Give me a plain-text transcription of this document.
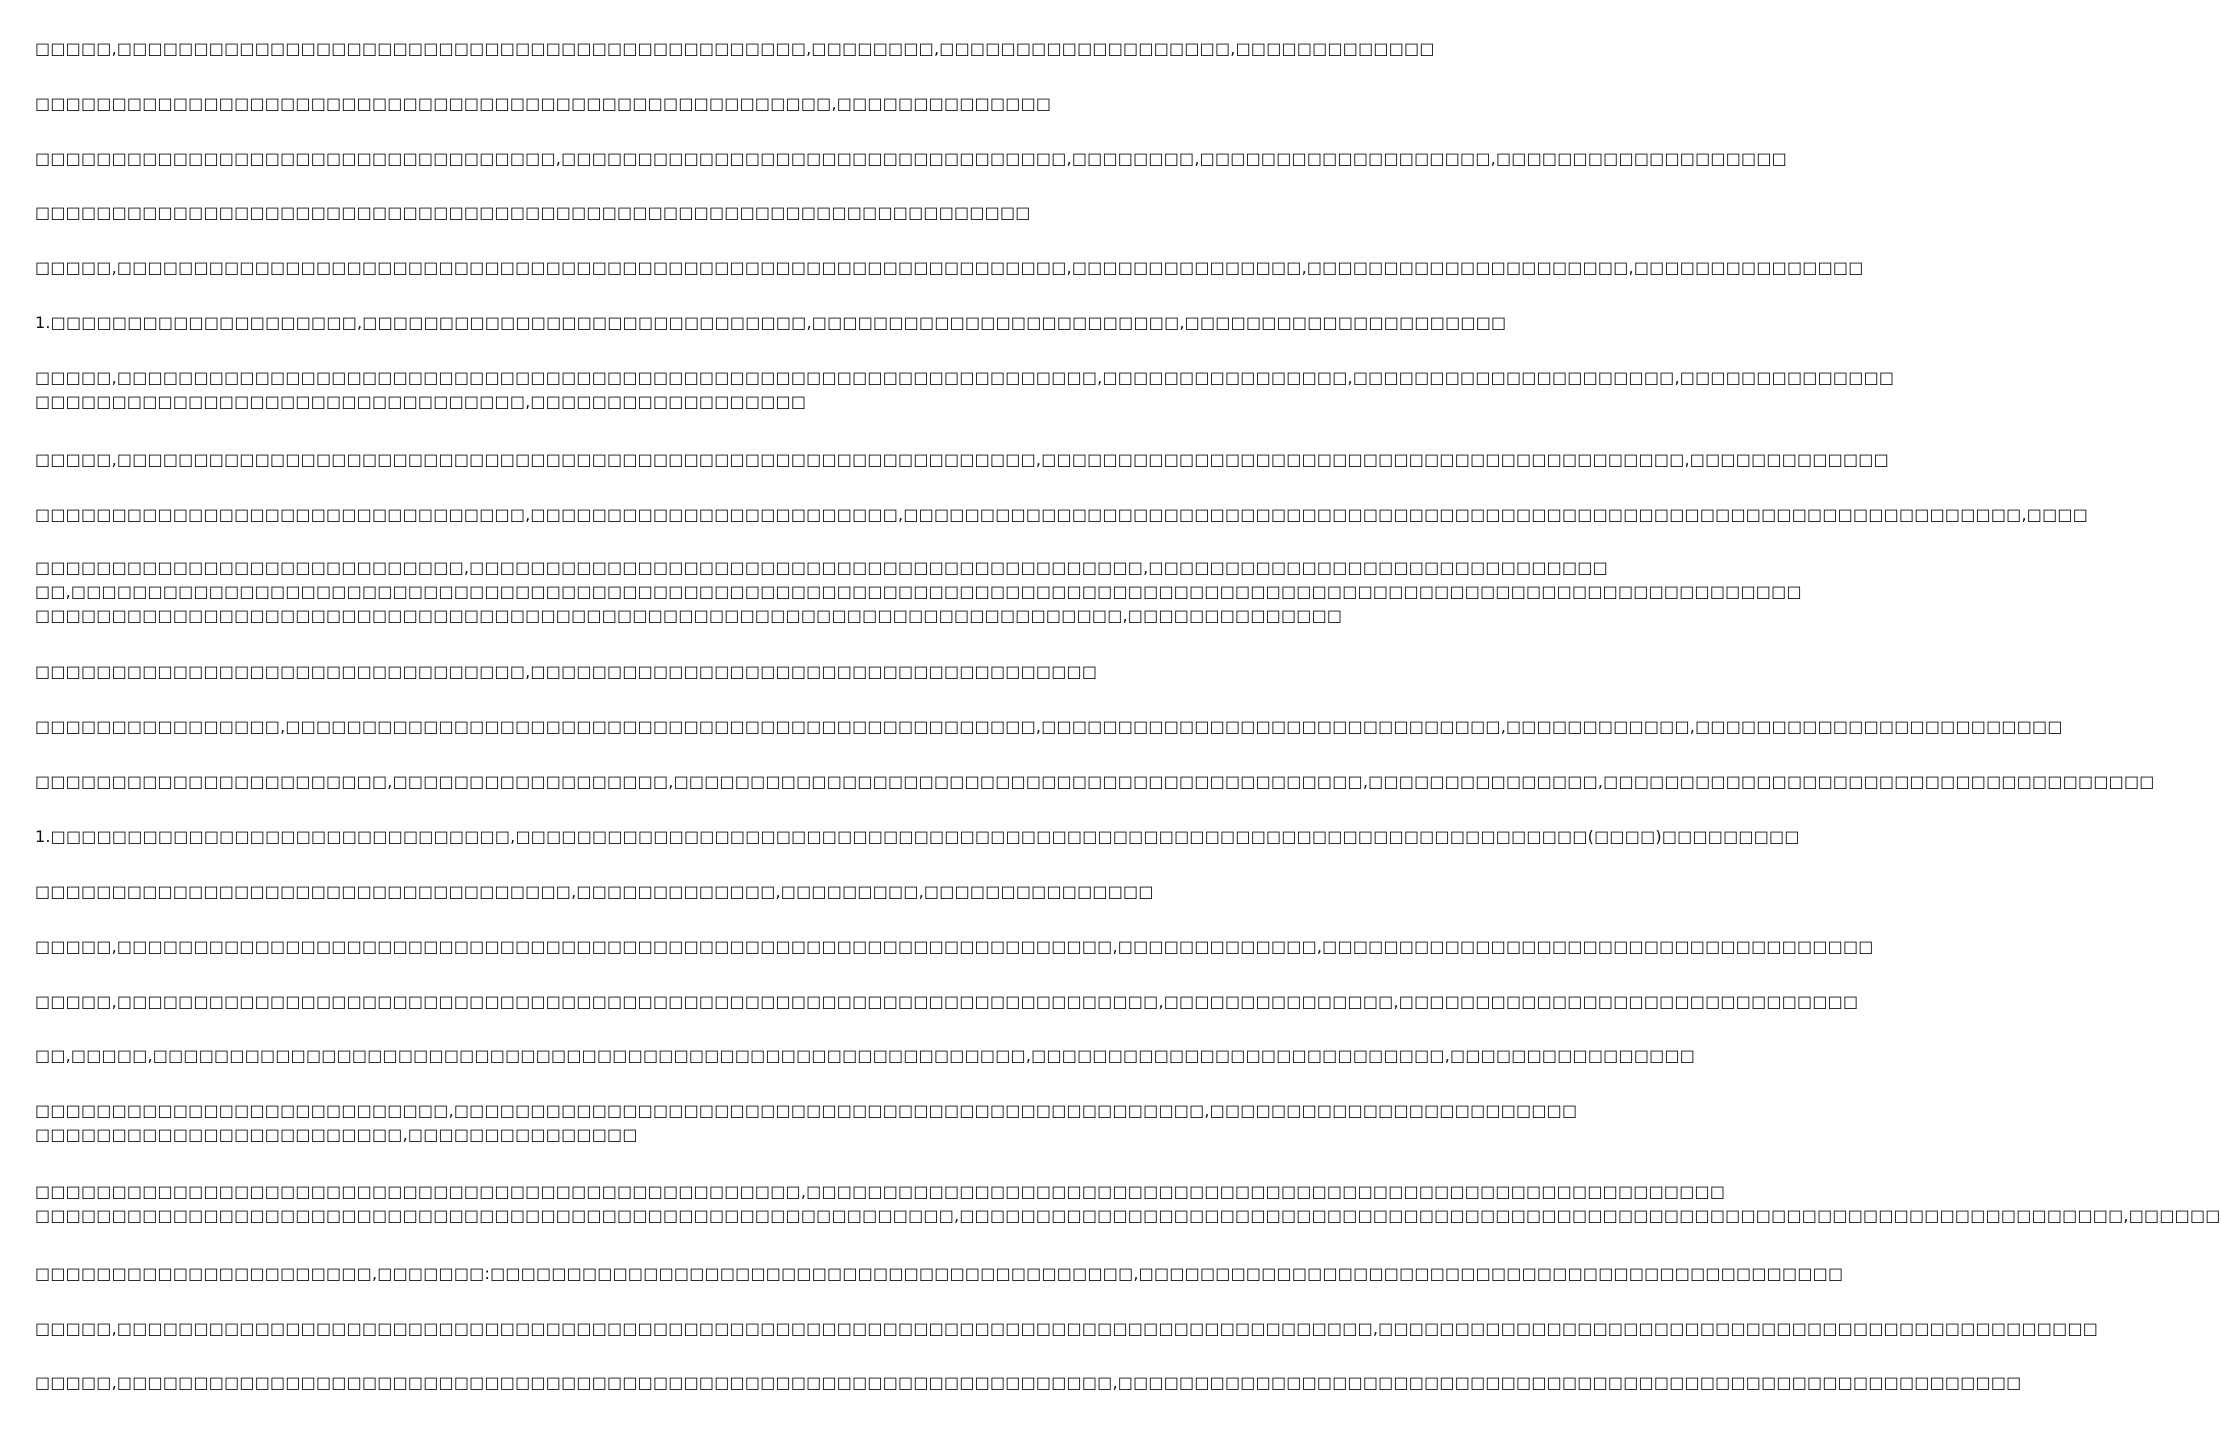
□□□□□,□□□□□□□□□□□□□□□□□□□□□□□□□□□□□□□□□□□□□□□□□□□□□,□□□□□□□□,□□□□□□□□□□□□□□□□□□□,□□□□□□□□□□□□□
□□□□□□□□□□□□□□□□□□□□□□□□□□□□□□□□□□□□□□□□□□□□□□□□□□□□,□□□□□□□□□□□□□□
□□□□□□□□□□□□□□□□□□□□□□□□□□□□□□□□□□,□□□□□□□□□□□□□□□□□□□□□□□□□□□□□□□□□,□□□□□□□□,□□□□□□□□□□□□□□□□□□□,□□□□□□□□□□□□□□□□□□□
□□□□□□□□□□□□□□□□□□□□□□□□□□□□□□□□□□□□□□□□□□□□□□□□□□□□□□□□□□□□□□□□□
□□□□□,□□□□□□□□□□□□□□□□□□□□□□□□□□□□□□□□□□□□□□□□□□□□□□□□□□□□□□□□□□□□□□,□□□□□□□□□□□□□□□,□□□□□□□□□□□□□□□□□□□□□,□□□□□□□□□□□□□□□
1.□□□□□□□□□□□□□□□□□□□□,□□□□□□□□□□□□□□□□□□□□□□□□□□□□□,□□□□□□□□□□□□□□□□□□□□□□□□,□□□□□□□□□□□□□□□□□□□□□
□□□□□,□□□□□□□□□□□□□□□□□□□□□□□□□□□□□□□□□□□□□□□□□□□□□□□□□□□□□□□□□□□□□□□□,□□□□□□□□□□□□□□□□,□□□□□□□□□□□□□□□□□□□□□,□□□□□□□□□□□□□□
□□□□□□□□□□□□□□□□□□□□□□□□□□□□□□□□,□□□□□□□□□□□□□□□□□□
□□□□□,□□□□□□□□□□□□□□□□□□□□□□□□□□□□□□□□□□□□□□□□□□□□□□□□□□□□□□□□□□□□,□□□□□□□□□□□□□□□□□□□□□□□□□□□□□□□□□□□□□□□□□□,□□□□□□□□□□□□□
□□□□□□□□□□□□□□□□□□□□□□□□□□□□□□□□,□□□□□□□□□□□□□□□□□□□□□□□□,□□□□□□□□□□□□□□□□□□□□□□□□□□□□□□□□□□□□□□□□□□□□□□□□□□□□□□□□□□□□□□□□□□□□□□□□□,□□□□
□□□□□□□□□□□□□□□□□□□□□□□□□□□□,□□□□□□□□□□□□□□□□□□□□□□□□□□□□□□□□□□□□□□□□□□□□,□□□□□□□□□□□□□□□□□□□□□□□□□□□□□□
□□,□□□□□□□□□□□□□□□□□□□□□□□□□□□□□□□□□□□□□□□□□□□□□□□□□□□□□□□□□□□□□□□□□□□□□□□□□□□□□□□□□□□□□□□□□□□□□□□□□□□□□□□□□□□□□□□□□
□□□□□□□□□□□□□□□□□□□□□□□□□□□□□□□□□□□□□□□□□□□□□□□□□□□□□□□□□□□□□□□□□□□□□□□,□□□□□□□□□□□□□□
□□□□□□□□□□□□□□□□□□□□□□□□□□□□□□□□,□□□□□□□□□□□□□□□□□□□□□□□□□□□□□□□□□□□□□
□□□□□□□□□□□□□□□□,□□□□□□□□□□□□□□□□□□□□□□□□□□□□□□□□□□□□□□□□□□□□□□□□□,□□□□□□□□□□□□□□□□□□□□□□□□□□□□□□,□□□□□□□□□□□□,□□□□□□□□□□□□□□□□□□□□□□□□
□□□□□□□□□□□□□□□□□□□□□□□,□□□□□□□□□□□□□□□□□□,□□□□□□□□□□□□□□□□□□□□□□□□□□□□□□□□□□□□□□□□□□□□□,□□□□□□□□□□□□□□□,□□□□□□□□□□□□□□□□□□□□□□□□□□□□□□□□□□□□
1.□□□□□□□□□□□□□□□□□□□□□□□□□□□□□□,□□□□□□□□□□□□□□□□□□□□□□□□□□□□□□□□□□□□□□□□□□□□□□□□□□□□□□□□□□□□□□□□□□□□□□(□□□□)□□□□□□□□□
□□□□□□□□□□□□□□□□□□□□□□□□□□□□□□□□□□□,□□□□□□□□□□□□□,□□□□□□□□□,□□□□□□□□□□□□□□□
□□□□□,□□□□□□□□□□□□□□□□□□□□□□□□□□□□□□□□□□□□□□□□□□□□□□□□□□□□□□□□□□□□□□□□□,□□□□□□□□□□□□□,□□□□□□□□□□□□□□□□□□□□□□□□□□□□□□□□□□□□
□□□□□,□□□□□□□□□□□□□□□□□□□□□□□□□□□□□□□□□□□□□□□□□□□□□□□□□□□□□□□□□□□□□□□□□□□□,□□□□□□□□□□□□□□□,□□□□□□□□□□□□□□□□□□□□□□□□□□□□□□
□□,□□□□□,□□□□□□□□□□□□□□□□□□□□□□□□□□□□□□□□□□□□□□□□□□□□□□□□□□□□□□□□□,□□□□□□□□□□□□□□□□□□□□□□□□□□□,□□□□□□□□□□□□□□□□
□□□□□□□□□□□□□□□□□□□□□□□□□□□,□□□□□□□□□□□□□□□□□□□□□□□□□□□□□□□□□□□□□□□□□□□□□□□□□,□□□□□□□□□□□□□□□□□□□□□□□□
□□□□□□□□□□□□□□□□□□□□□□□□,□□□□□□□□□□□□□□□
□□□□□□□□□□□□□□□□□□□□□□□□□□□□□□□□□□□□□□□□□□□□□□□□□□,□□□□□□□□□□□□□□□□□□□□□□□□□□□□□□□□□□□□□□□□□□□□□□□□□□□□□□□□□□□□
□□□□□□□□□□□□□□□□□□□□□□□□□□□□□□□□□□□□□□□□□□□□□□□□□□□□□□□□□□□□,□□□□□□□□□□□□□□□□□□□□□□□□□□□□□□□□□□□□□□□□□□□□□□□□□□□□□□□□□□□□□□□□□□□□□□□□□□□□,□□□□□□
□□□□□□□□□□□□□□□□□□□□□□,□□□□□□□:□□□□□□□□□□□□□□□□□□□□□□□□□□□□□□□□□□□□□□□□□□,□□□□□□□□□□□□□□□□□□□□□□□□□□□□□□□□□□□□□□□□□□□□□□
□□□□□,□□□□□□□□□□□□□□□□□□□□□□□□□□□□□□□□□□□□□□□□□□□□□□□□□□□□□□□□□□□□□□□□□□□□□□□□□□□□□□□□□□,□□□□□□□□□□□□□□□□□□□□□□□□□□□□□□□□□□□□□□□□□□□□□□□
□□□□□,□□□□□□□□□□□□□□□□□□□□□□□□□□□□□□□□□□□□□□□□□□□□□□□□□□□□□□□□□□□□□□□□□,□□□□□□□□□□□□□□□□□□□□□□□□□□□□□□□□□□□□□□□□□□□□□□□□□□□□□□□□□□□
